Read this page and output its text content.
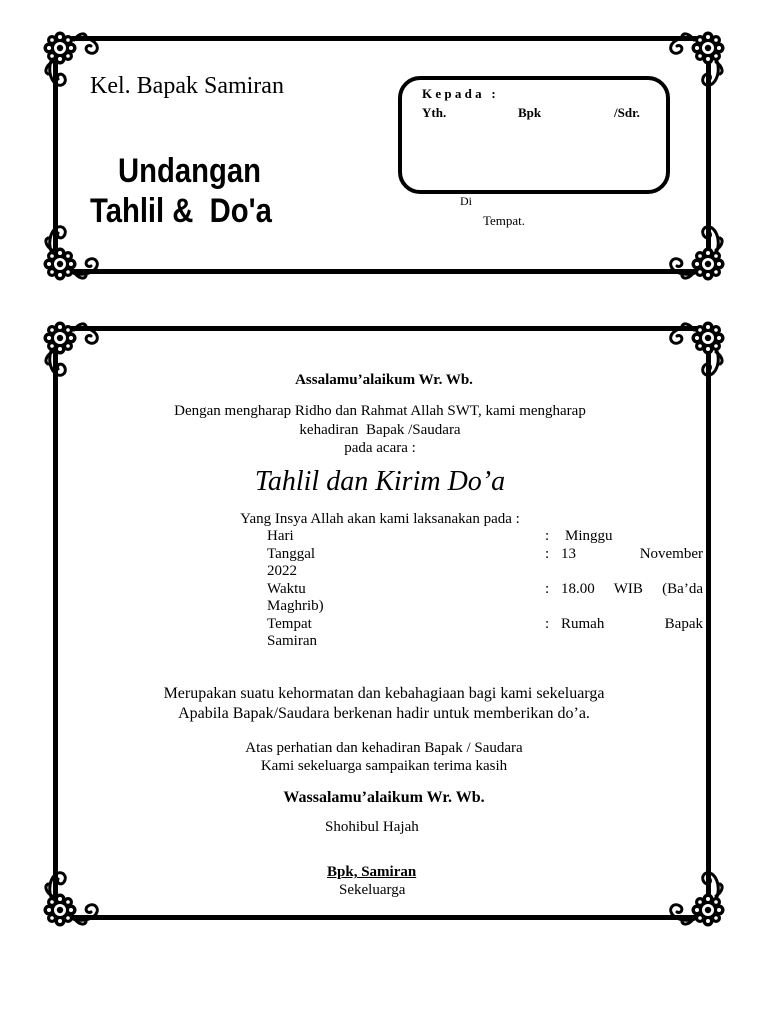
Kel. Bapak Samiran
Undangan
Tahlil &  Do'a
K e p a d a   :
Yth.	Bpk	/Sdr.
Di
Tempat.
Assalamu’alaikum Wr. Wb.
Dengan mengharap Ridho dan Rahmat Allah SWT, kami mengharap
kehadiran  Bapak /Saudara
pada acara :
Tahlil dan Kirim Do’a
Yang Insya Allah akan kami laksanakan pada :
Hari	: Minggu
Tanggal	: 13 November
2022
Waktu	: 18.00 WIB (Ba’da
Maghrib)
Tempat	: Rumah Bapak
Samiran
Merupakan suatu kehormatan dan kebahagiaan bagi kami sekeluarga
Apabila Bapak/Saudara berkenan hadir untuk memberikan do’a.
Atas perhatian dan kehadiran Bapak / Saudara
Kami sekeluarga sampaikan terima kasih
Wassalamu’alaikum Wr. Wb.
Shohibul Hajah
Bpk, Samiran
Sekeluarga
